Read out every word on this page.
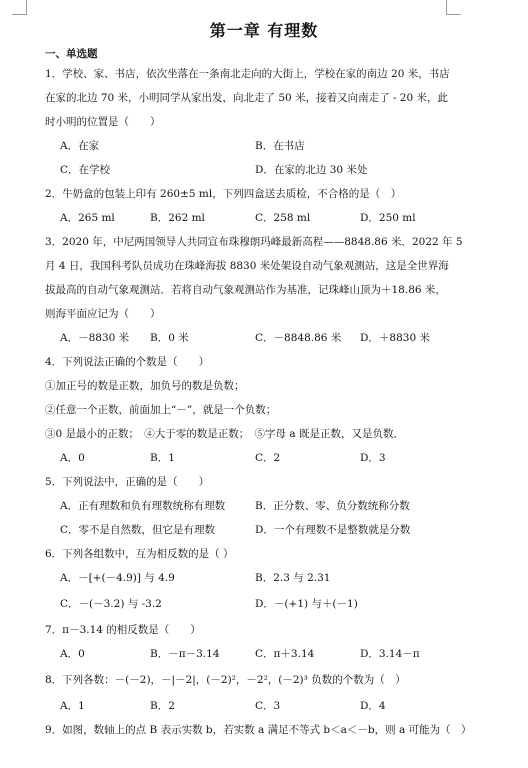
第一章 有理数
一、单选题
1．学校、家、书店，依次坐落在一条南北走向的大街上，学校在家的南边 20 米，书店
在家的北边 70 米，小明同学从家出发，向北走了 50 米，接着又向南走了 - 20 米，此
时小明的位置是（　　）
A．在家	B．在书店
C．在学校	D．在家的北边 30 米处
2．牛奶盒的包装上印有 260±5 ml，下列四盒送去质检，不合格的是（　）
A．265 ml	B．262 ml	C．258 ml	D．250 ml
3．2020 年，中尼两国领导人共同宣布珠穆朗玛峰最新高程——8848.86 米．2022 年 5
月 4 日，我国科考队员成功在珠峰海拔 8830 米处架设自动气象观测站，这是全世界海
拔最高的自动气象观测站．若将自动气象观测站作为基准，记珠峰山顶为＋18.86 米，
则海平面应记为（　　）
A．－8830 米 B．0 米	C．－8848.86 米 D．＋8830 米
4．下列说法正确的个数是（　　）
①加正号的数是正数，加负号的数是负数；
②任意一个正数，前面加上“－”，就是一个负数；
③0 是最小的正数；　④大于零的数是正数；　⑤字母 a 既是正数，又是负数．
A．0	B．1	C．2	D．3
5．下列说法中，正确的是（　　）
A．正有理数和负有理数统称有理数	B．正分数、零、负分数统称分数
C．零不是自然数，但它是有理数	D．一个有理数不是整数就是分数
6．下列各组数中，互为相反数的是（ ）
A．－[+(－4.9)] 与 4.9	B．2.3 与 2.31
C．－(－3.2) 与 -3.2	D．－(+1) 与＋(－1)
7．π－3.14 的相反数是（　　）
A．0	B．－π－3.14	C．π＋3.14	D．3.14－π
8．下列各数：－(－2)，－|－2|，(－2)²，－2²，(－2)³ 负数的个数为（　）
A．1	B．2	C．3	D．4
9．如图，数轴上的点 B 表示实数 b，若实数 a 满足不等式 b＜a＜－b，则 a 可能为（　）
